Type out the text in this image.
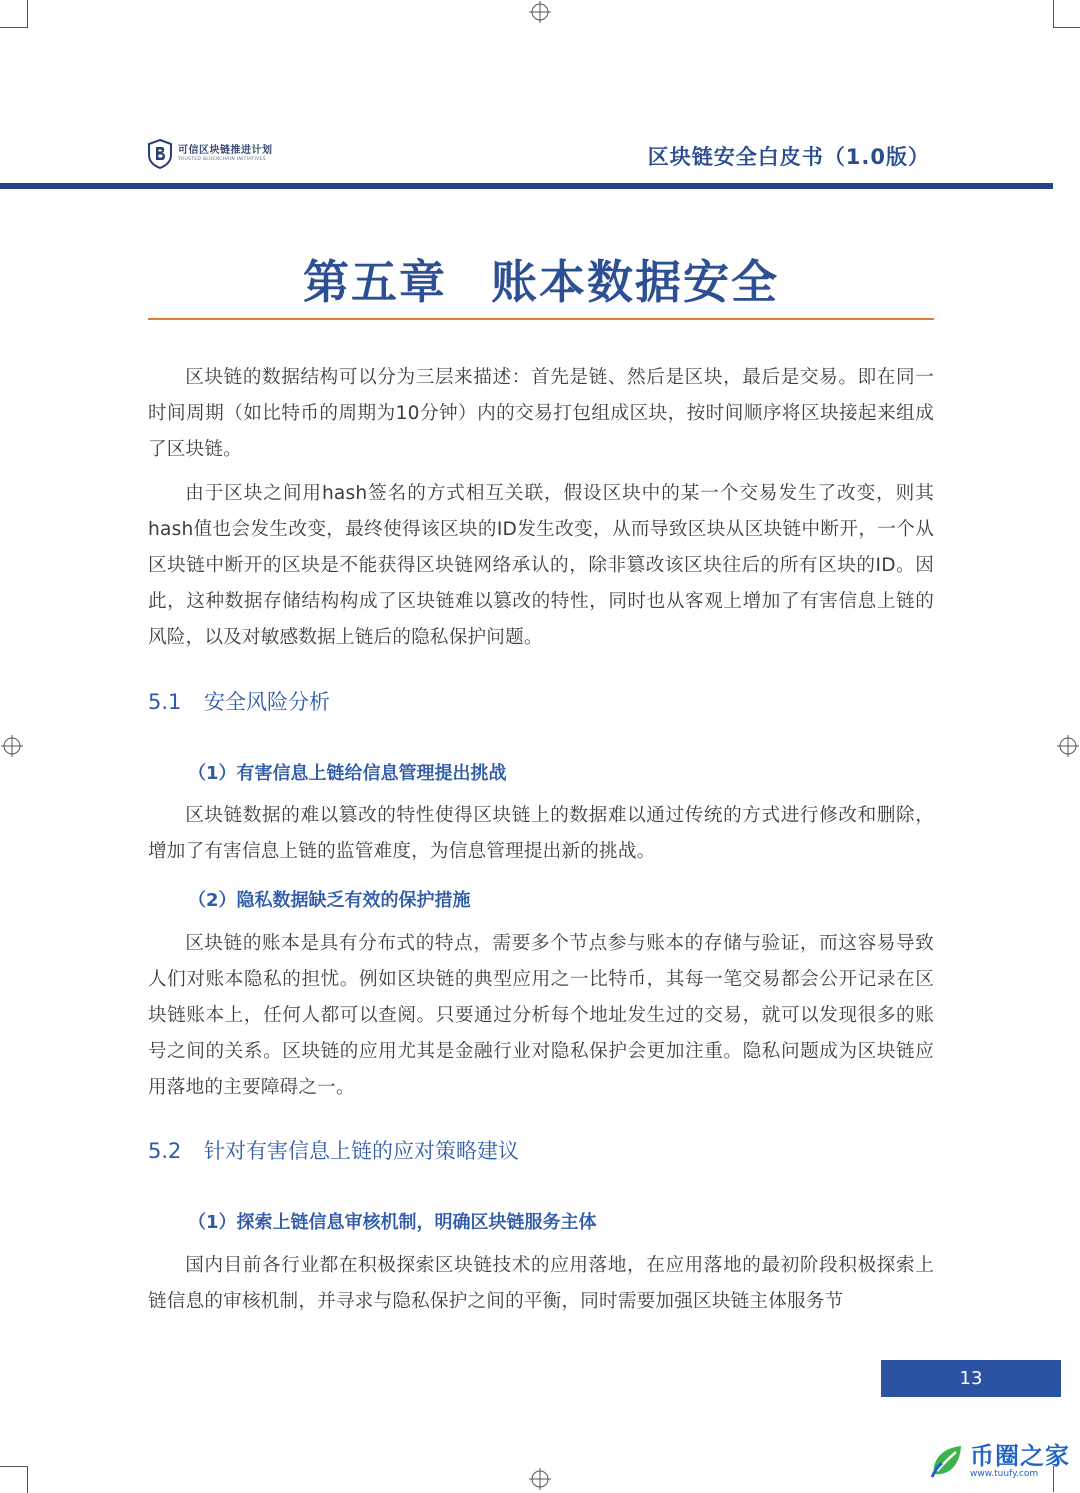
可信区块链推进计划
TRUSTED BLOCKCHAIN INITIATIVES	区块链安全白皮书（1.0版）
第五章 账本数据安全

区块链的数据结构可以分为三层来描述：首先是链、然后是区块，最后是交易。即在同一时间周期（如比特币的周期为10分钟）内的交易打包组成区块，按时间顺序将区块接起来组成了区块链。

由于区块之间用hash签名的方式相互关联，假设区块中的某一个交易发生了改变，则其hash值也会发生改变，最终使得该区块的ID发生改变，从而导致区块从区块链中断开，一个从区块链中断开的区块是不能获得区块链网络承认的，除非篡改该区块往后的所有区块的ID。因此，这种数据存储结构构成了区块链难以篡改的特性，同时也从客观上增加了有害信息上链的风险，以及对敏感数据上链后的隐私保护问题。

5.1 安全风险分析
（1）有害信息上链给信息管理提出挑战

区块链数据的难以篡改的特性使得区块链上的数据难以通过传统的方式进行修改和删除，增加了有害信息上链的监管难度，为信息管理提出新的挑战。

（2）隐私数据缺乏有效的保护措施

区块链的账本是具有分布式的特点，需要多个节点参与账本的存储与验证，而这容易导致人们对账本隐私的担忧。例如区块链的典型应用之一比特币，其每一笔交易都会公开记录在区块链账本上，任何人都可以查阅。只要通过分析每个地址发生过的交易，就可以发现很多的账号之间的关系。区块链的应用尤其是金融行业对隐私保护会更加注重。隐私问题成为区块链应用落地的主要障碍之一。

5.2 针对有害信息上链的应对策略建议
（1）探索上链信息审核机制，明确区块链服务主体

国内目前各行业都在积极探索区块链技术的应用落地，在应用落地的最初阶段积极探索上链信息的审核机制，并寻求与隐私保护之间的平衡，同时需要加强区块链主体服务节

13
币圈之家
www.tuufy.com
